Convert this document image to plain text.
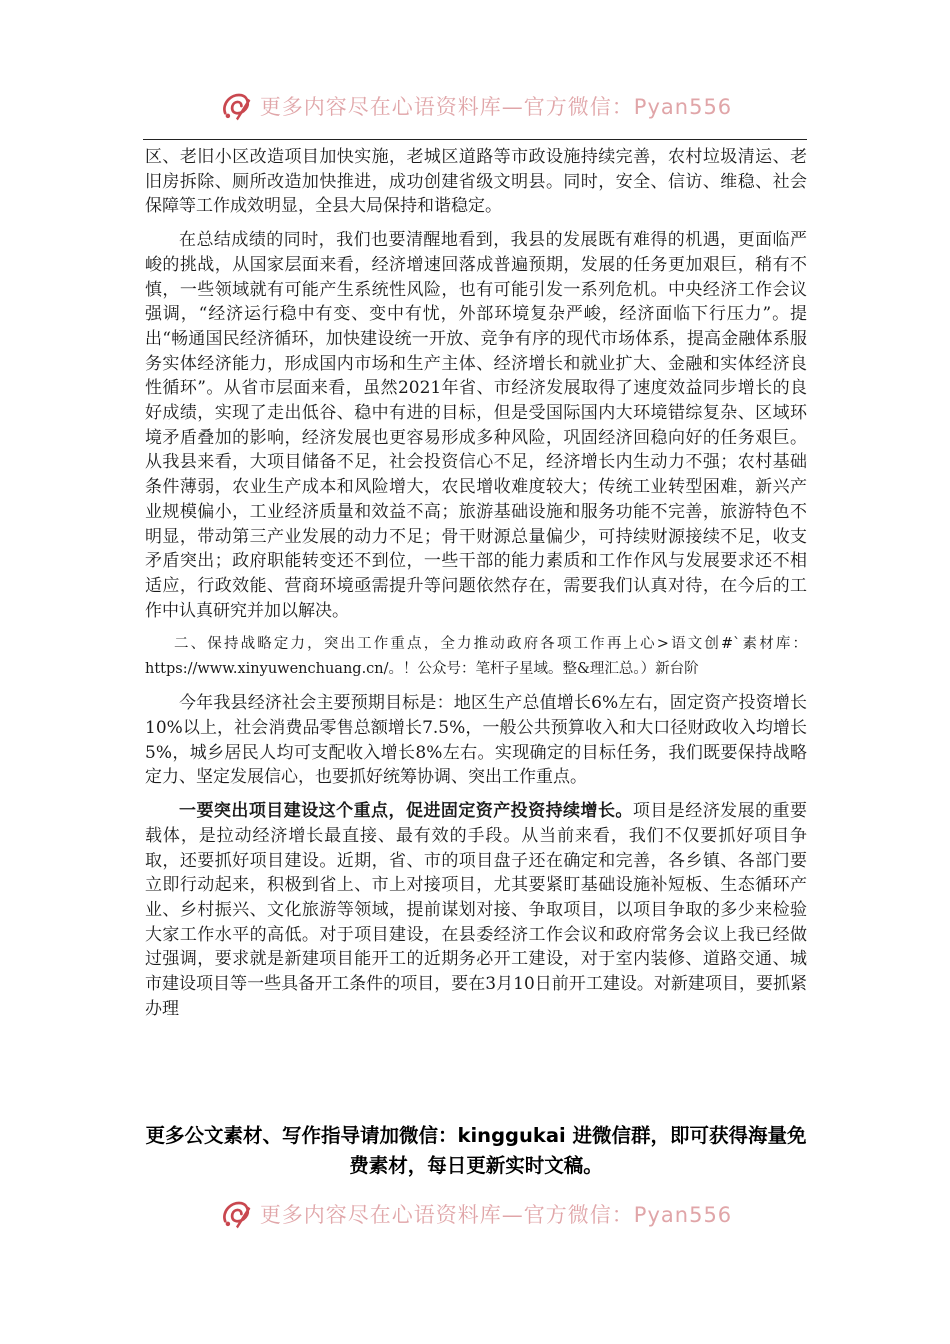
更多内容尽在心语资料库—官方微信：Pyan556

区、老旧小区改造项目加快实施，老城区道路等市政设施持续完善，农村垃圾清运、老旧房拆除、厕所改造加快推进，成功创建省级文明县。同时，安全、信访、维稳、社会保障等工作成效明显，全县大局保持和谐稳定。

在总结成绩的同时，我们也要清醒地看到，我县的发展既有难得的机遇，更面临严峻的挑战，从国家层面来看，经济增速回落成普遍预期，发展的任务更加艰巨，稍有不慎，一些领域就有可能产生系统性风险，也有可能引发一系列危机。中央经济工作会议强调，“经济运行稳中有变、变中有忧，外部环境复杂严峻，经济面临下行压力”。提出“畅通国民经济循环，加快建设统一开放、竞争有序的现代市场体系，提高金融体系服务实体经济能力，形成国内市场和生产主体、经济增长和就业扩大、金融和实体经济良性循环”。从省市层面来看，虽然2021年省、市经济发展取得了速度效益同步增长的良好成绩，实现了走出低谷、稳中有进的目标，但是受国际国内大环境错综复杂、区域环境矛盾叠加的影响，经济发展也更容易形成多种风险，巩固经济回稳向好的任务艰巨。从我县来看，大项目储备不足，社会投资信心不足，经济增长内生动力不强；农村基础条件薄弱，农业生产成本和风险增大，农民增收难度较大；传统工业转型困难，新兴产业规模偏小，工业经济质量和效益不高；旅游基础设施和服务功能不完善，旅游特色不明显，带动第三产业发展的动力不足；骨干财源总量偏少，可持续财源接续不足，收支矛盾突出；政府职能转变还不到位，一些干部的能力素质和工作作风与发展要求还不相适应，行政效能、营商环境亟需提升等问题依然存在，需要我们认真对待，在今后的工作中认真研究并加以解决。

二、保持战略定力，突出工作重点，全力推动政府各项工作再上心>语文创#`素材库：https://www.xinyuwenchuang.cn/。！公众号：笔杆子星域。整&理汇总。）新台阶

今年我县经济社会主要预期目标是：地区生产总值增长6%左右，固定资产投资增长10%以上，社会消费品零售总额增长7.5%，一般公共预算收入和大口径财政收入均增长5%，城乡居民人均可支配收入增长8%左右。实现确定的目标任务，我们既要保持战略定力、坚定发展信心，也要抓好统筹协调、突出工作重点。

一要突出项目建设这个重点，促进固定资产投资持续增长。项目是经济发展的重要载体，是拉动经济增长最直接、最有效的手段。从当前来看，我们不仅要抓好项目争取，还要抓好项目建设。近期，省、市的项目盘子还在确定和完善，各乡镇、各部门要立即行动起来，积极到省上、市上对接项目，尤其要紧盯基础设施补短板、生态循环产业、乡村振兴、文化旅游等领域，提前谋划对接、争取项目，以项目争取的多少来检验大家工作水平的高低。对于项目建设，在县委经济工作会议和政府常务会议上我已经做过强调，要求就是新建项目能开工的近期务必开工建设，对于室内装修、道路交通、城市建设项目等一些具备开工条件的项目，要在3月10日前开工建设。对新建项目，要抓紧办理

更多公文素材、写作指导请加微信：kinggukai 进微信群，即可获得海量免费素材，每日更新实时文稿。
更多内容尽在心语资料库—官方微信：Pyan556
